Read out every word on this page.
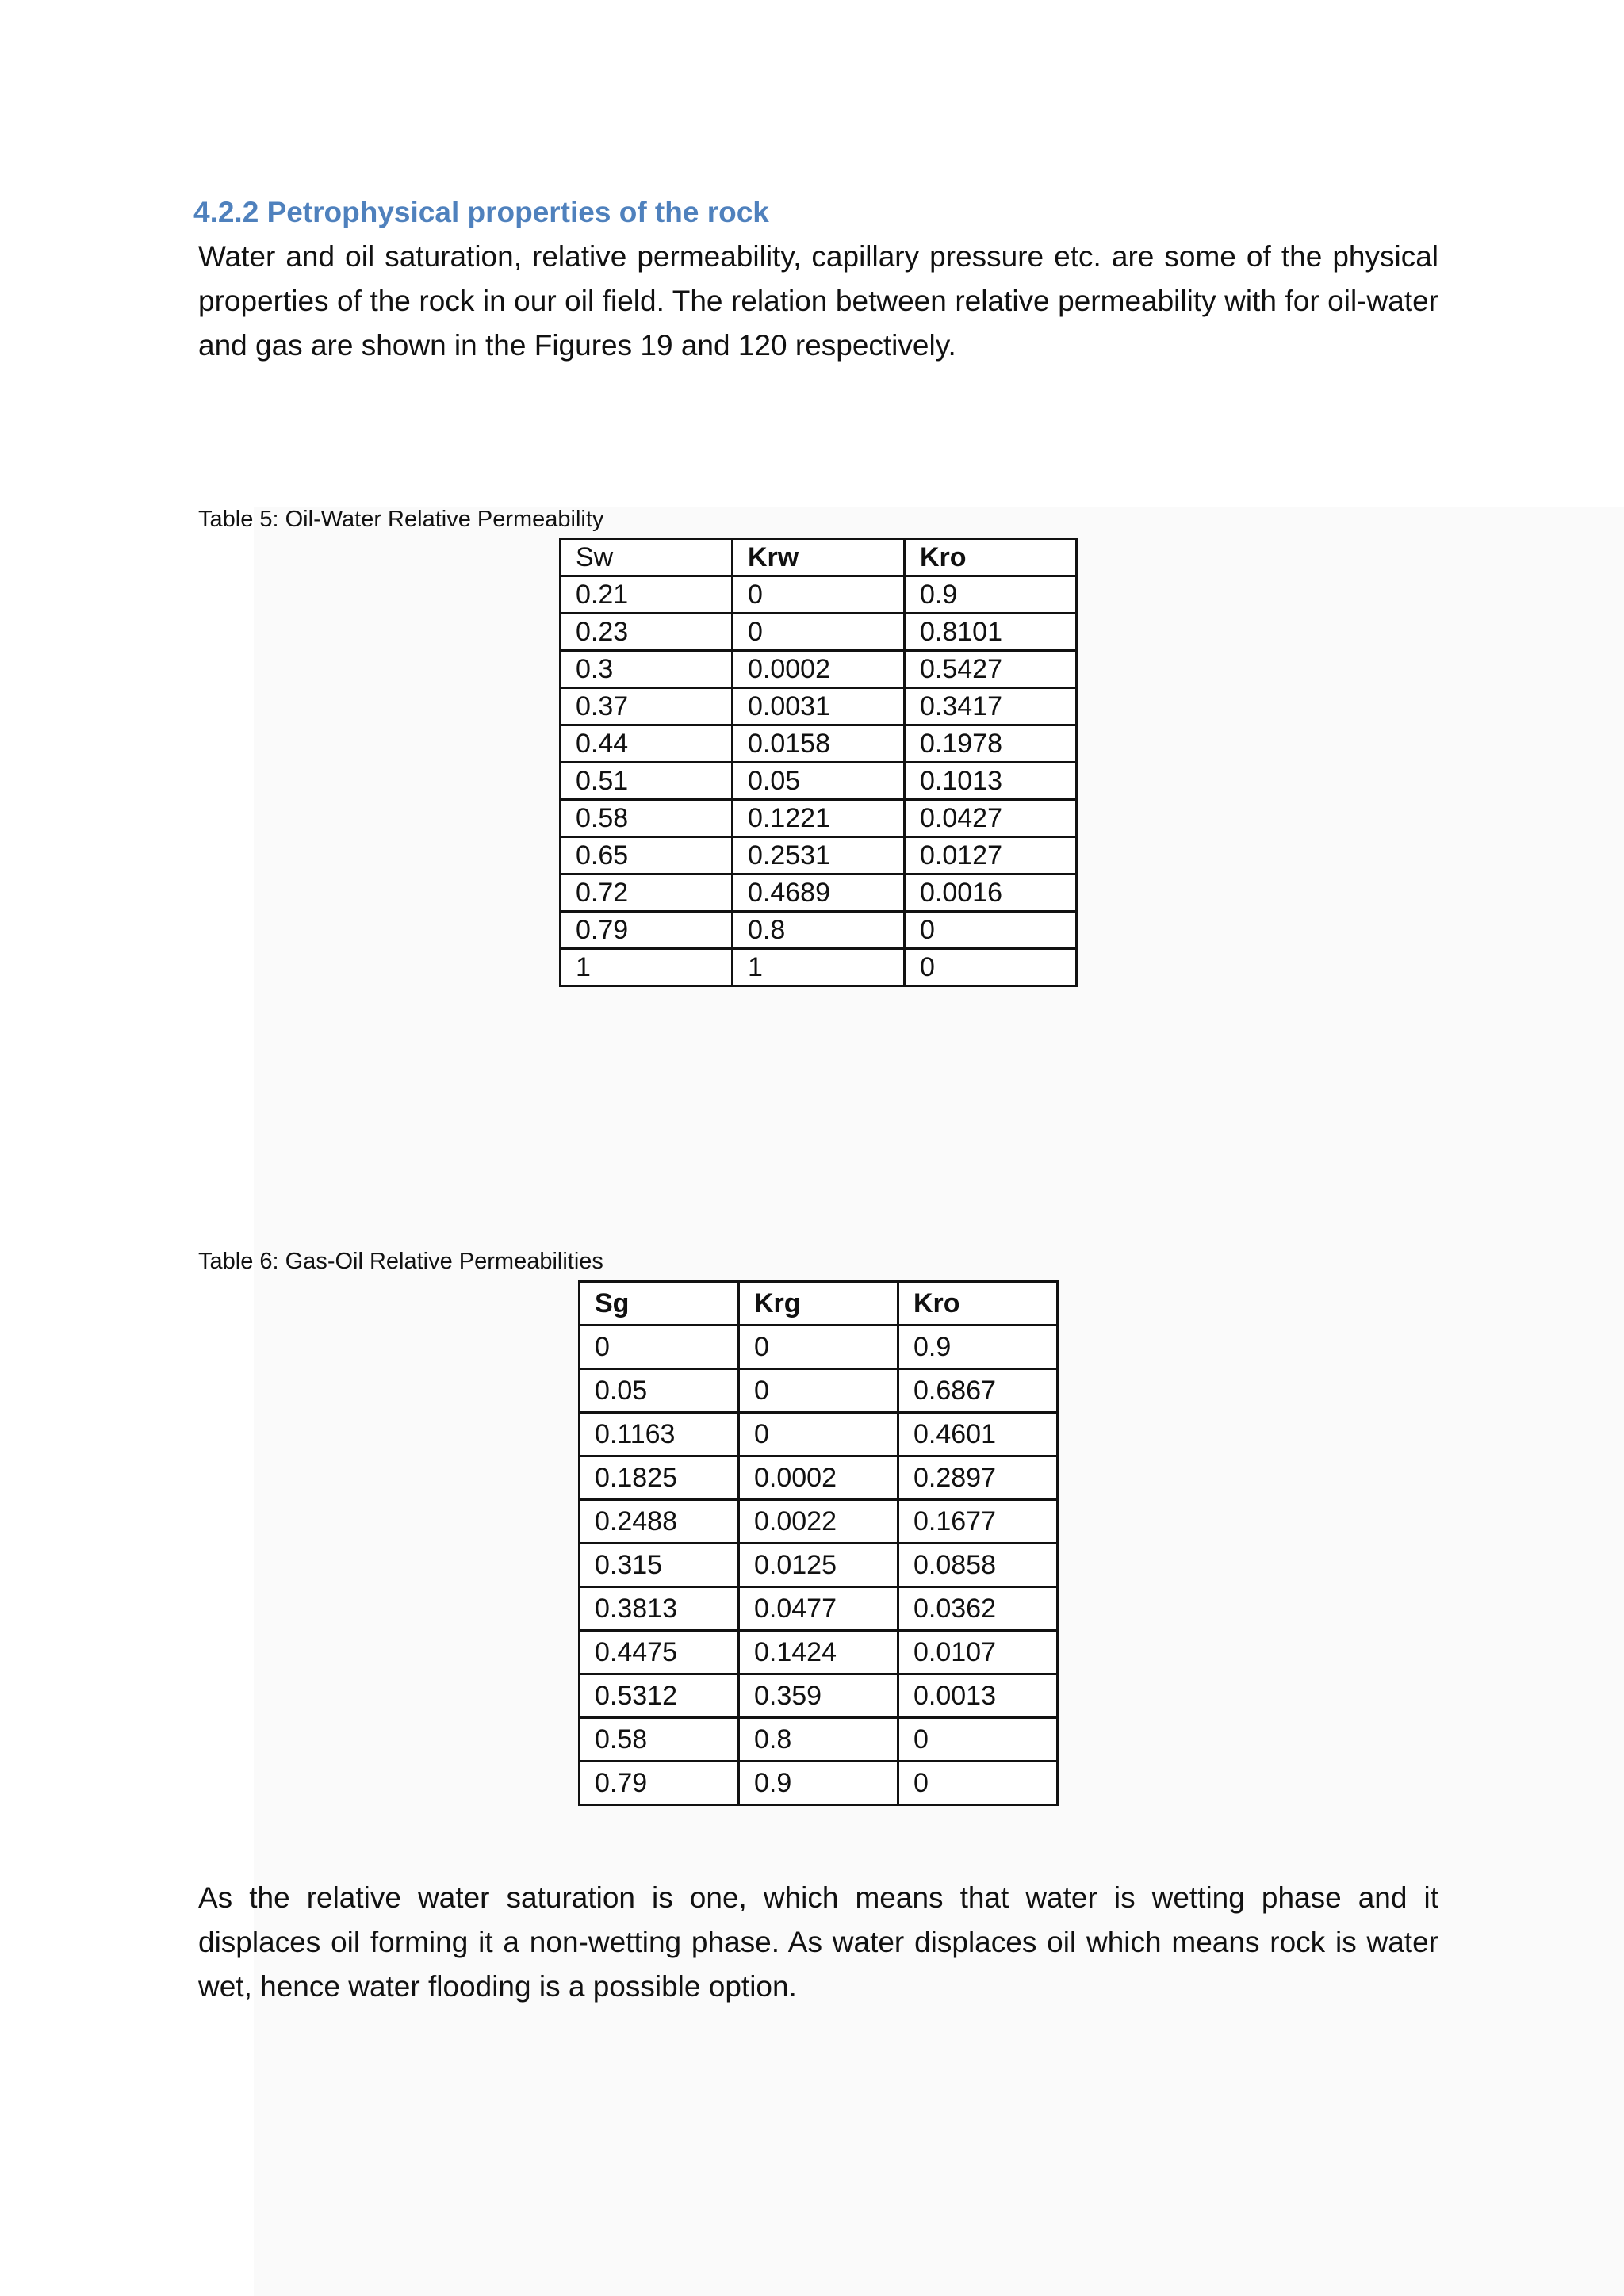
4.2.2 Petrophysical properties of the rock

Water and oil saturation, relative permeability, capillary pressure etc. are some of the physical properties of the rock in our oil field. The relation between relative permeability with for oil-water and gas are shown in the Figures 19 and 120 respectively.

Table 5: Oil-Water Relative Permeability

Sw	Krw	Kro
0.21	0	0.9
0.23	0	0.8101
0.3	0.0002	0.5427
0.37	0.0031	0.3417
0.44	0.0158	0.1978
0.51	0.05	0.1013
0.58	0.1221	0.0427
0.65	0.2531	0.0127
0.72	0.4689	0.0016
0.79	0.8	0
1	1	0

Table 6: Gas-Oil Relative Permeabilities

Sg	Krg	Kro
0	0	0.9
0.05	0	0.6867
0.1163	0	0.4601
0.1825	0.0002	0.2897
0.2488	0.0022	0.1677
0.315	0.0125	0.0858
0.3813	0.0477	0.0362
0.4475	0.1424	0.0107
0.5312	0.359	0.0013
0.58	0.8	0
0.79	0.9	0

As the relative water saturation is one, which means that water is wetting phase and it displaces oil forming it a non-wetting phase. As water displaces oil which means rock is water wet, hence water flooding is a possible option.
